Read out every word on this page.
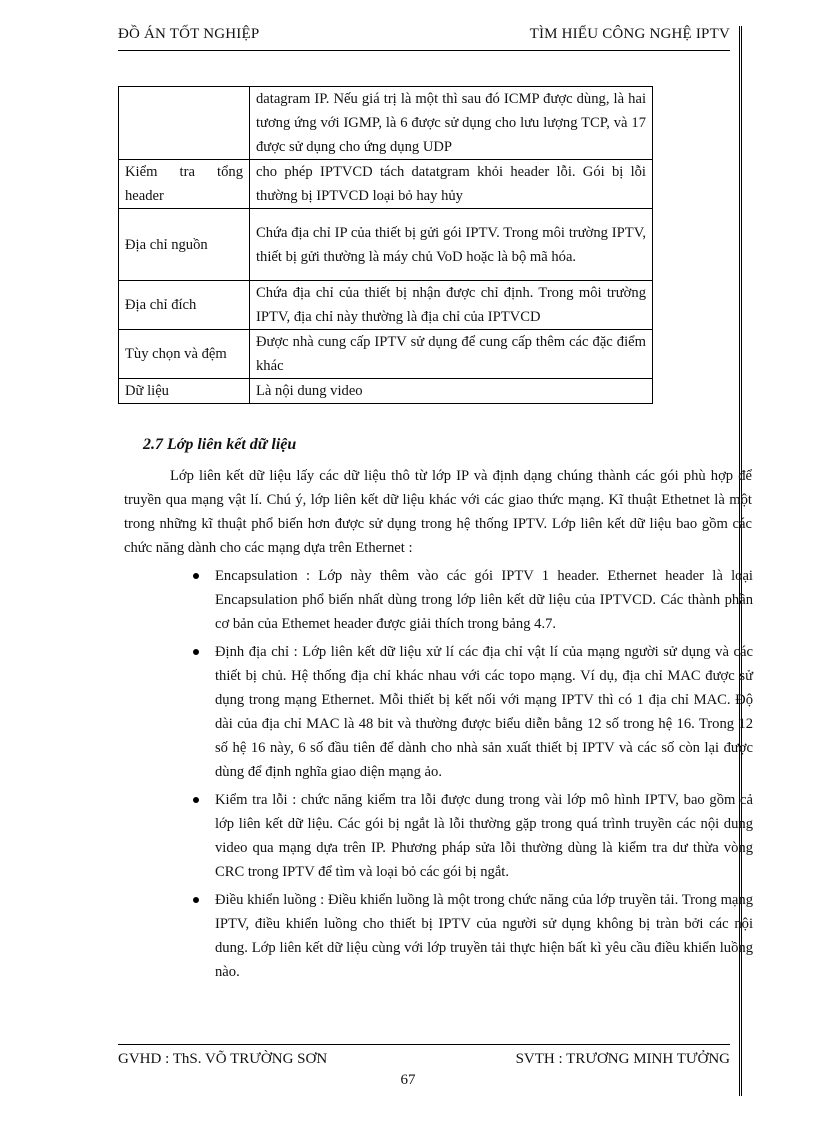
ĐỒ ÁN TỐT NGHIỆP	TÌM HIỂU CÔNG NGHỆ IPTV
	datagram IP. Nếu giá trị là một thì sau đó ICMP được dùng, là hai tương ứng với IGMP, là 6 được sử dụng cho lưu lượng TCP, và 17 được sử dụng cho ứng dụng UDP
Kiểm tra tổng header	cho phép IPTVCD tách datatgram khỏi header lỗi. Gói bị lỗi thường bị IPTVCD loại bỏ hay hủy
Địa chỉ nguồn	Chứa địa chỉ IP của thiết bị gửi gói IPTV. Trong môi trường IPTV, thiết bị gửi thường là máy chủ VoD hoặc là bộ mã hóa.
Địa chỉ đích	Chứa địa chỉ của thiết bị nhận được chỉ định. Trong môi trường IPTV, địa chỉ này thường là địa chỉ của IPTVCD
Tùy chọn và đệm	Được nhà cung cấp IPTV sử dụng để cung cấp thêm các đặc điểm khác
Dữ liệu	Là nội dung video
2.7 Lớp liên kết dữ liệu
Lớp liên kết dữ liệu lấy các dữ liệu thô từ lớp IP và định dạng chúng thành các gói phù hợp để truyền qua mạng vật lí. Chú ý, lớp liên kết dữ liệu khác với các giao thức mạng. Kĩ thuật Ethetnet là một trong những kĩ thuật phổ biến hơn được sử dụng trong hệ thống IPTV. Lớp liên kết dữ liệu bao gồm các chức năng dành cho các mạng dựa trên Ethernet :
Encapsulation : Lớp này thêm vào các gói IPTV 1 header. Ethernet header là loại Encapsulation phổ biến nhất dùng trong lớp liên kết dữ liệu của IPTVCD. Các thành phần cơ bản của Ethemet header được giải thích trong bảng 4.7.
Định địa chỉ : Lớp liên kết dữ liệu xử lí các địa chỉ vật lí của mạng người sử dụng và các thiết bị chủ. Hệ thống địa chỉ khác nhau với các topo mạng. Ví dụ, địa chỉ MAC được sử dụng trong mạng Ethernet. Mỗi thiết bị kết nối với mạng IPTV thì có 1 địa chỉ MAC. Độ dài của địa chỉ MAC là 48 bit và thường được biểu diễn bằng 12 số trong hệ 16. Trong 12 số hệ 16 này, 6 số đầu tiên để dành cho nhà sản xuất thiết bị IPTV và các số còn lại được dùng để định nghĩa giao diện mạng ảo.
Kiểm tra lỗi : chức năng kiểm tra lỗi được dung trong vài lớp mô hình IPTV, bao gồm cả lớp liên kết dữ liệu. Các gói bị ngắt là lỗi thường gặp trong quá trình truyền các nội dung video qua mạng dựa trên IP. Phương pháp sửa lỗi thường dùng là kiểm tra dư thừa vòng CRC trong IPTV để tìm và loại bỏ các gói bị ngắt.
Điều khiển luồng : Điều khiển luồng là một trong chức năng của lớp truyền tải. Trong mạng IPTV, điều khiển luồng cho thiết bị IPTV của người sử dụng không bị tràn bởi các nội dung. Lớp liên kết dữ liệu cùng với lớp truyền tải thực hiện bất kì yêu cầu điều khiển luồng nào.
GVHD : ThS. VÕ TRƯỜNG SƠN	SVTH : TRƯƠNG MINH TƯỞNG
67
